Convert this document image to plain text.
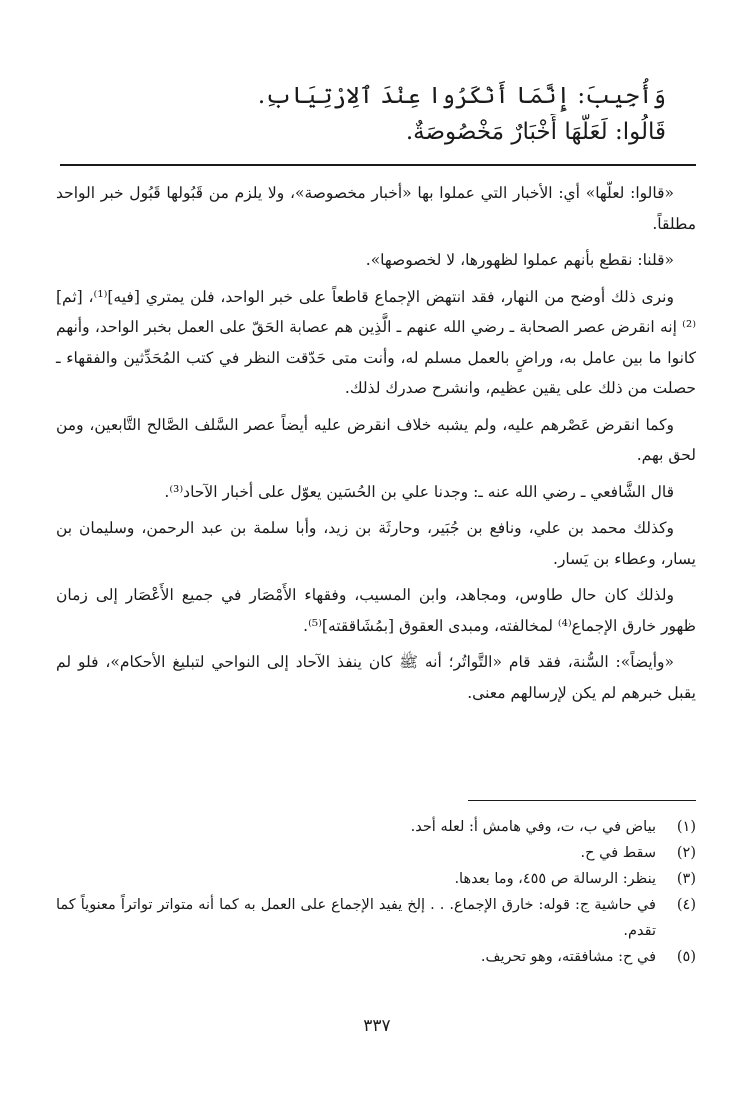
وَأُجِيبَ: إِنَّمَا أَنْكَرُوا عِنْدَ ٱلِارْتِيَابِ.
قَالُوا: لَعَلَّهَا أَخْبَارٌ مَخْصُوصَةٌ.

«قالوا: لعلّها» أي: الأخبار التي عملوا بها «أخبار مخصوصة»، ولا يلزم من قَبُولها قَبُول خبر الواحد مطلقاً.

«قلنا: نقطع بأنهم عملوا لظهورها، لا لخصوصها».

ونرى ذلك أوضح من النهار، فقد انتهض الإجماع قاطعاً على خبر الواحد، فلن يمتري [فيه]⁽¹⁾، [ثم]⁽²⁾ إنه انقرض عصر الصحابة ـ رضي الله عنهم ـ الَّذِين هم عصابة الحَقّ على العمل بخبر الواحد، وأنهم كانوا ما بين عامل به، وراضٍ بالعمل مسلم له، وأنت متى حَدّقت النظر في كتب المُحَدِّثين والفقهاء ـ حصلت من ذلك على يقين عظيم، وانشرح صدرك لذلك.

وكما انقرض عَصْرهم عليه، ولم يشبه خلاف انقرض عليه أيضاً عصر السَّلف الصَّالح التَّابعين، ومن لحق بهم.

قال الشَّافعي ـ رضي الله عنه ـ: وجدنا علي بن الحُسَين يعوّل على أخبار الآحاد⁽³⁾.

وكذلك محمد بن علي، ونافع بن جُبَير، وحارثَة بن زيد، وأبا سلمة بن عبد الرحمن، وسليمان بن يسار، وعطاء بن يَسار.

ولذلك كان حال طاوس، ومجاهد، وابن المسيب، وفقهاء الأَمْصَار في جميع الأَعْصَار إلى زمان ظهور خارق الإجماع⁽⁴⁾ لمخالفته، ومبدى العقوق [بمُشَاققته]⁽⁵⁾.

«وأيضاً»: السُّنة، فقد قام «التَّواتُر؛ أنه ﷺ كان ينفذ الآحاد إلى النواحي لتبليغ الأحكام»، فلو لم يقبل خبرهم لم يكن لإرسالهم معنى.

(١)
بياض في ب، ت، وفي هامش أ: لعله أحد.
(٢)
سقط في ح.
(٣)
ينظر: الرسالة ص ٤٥٥، وما بعدها.
(٤)
في حاشية ج: قوله: خارق الإجماع. . . إلخ يفيد الإجماع على العمل به كما أنه متواتر تواتراً معنوياً كما تقدم.
(٥)
في ح: مشافقته، وهو تحريف.
٣٣٧
